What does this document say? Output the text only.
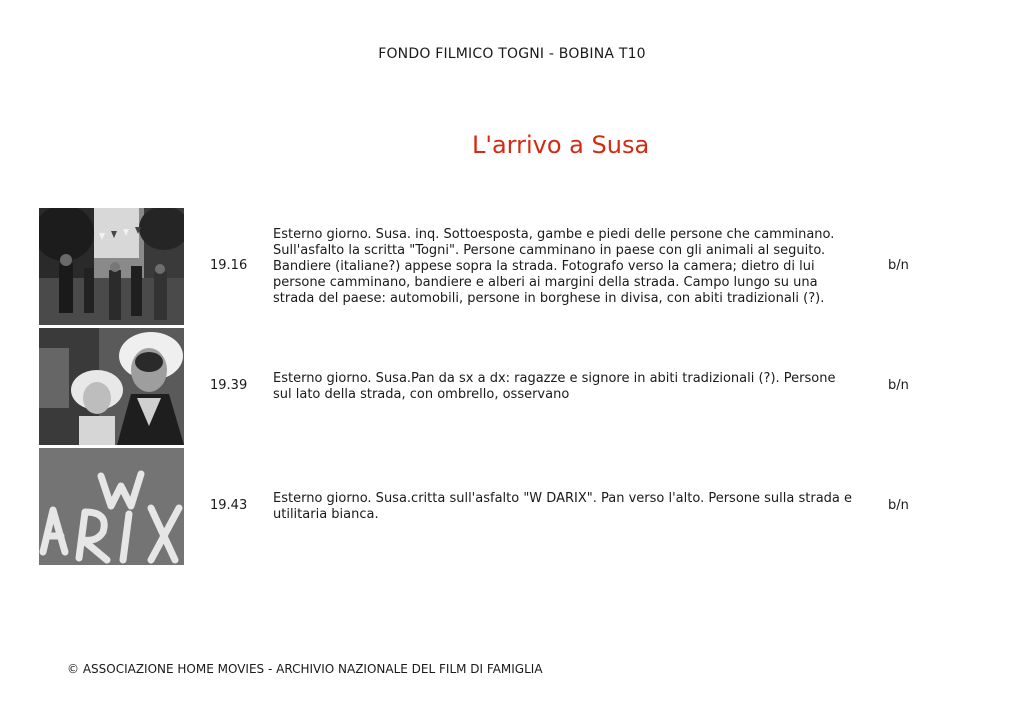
FONDO FILMICO TOGNI - BOBINA T10
L'arrivo a Susa
19.16
Esterno giorno. Susa. inq. Sottoesposta, gambe e piedi delle persone che camminano. Sull'asfalto la scritta "Togni". Persone camminano in paese con gli animali al seguito. Bandiere (italiane?) appese sopra la strada. Fotografo verso la camera; dietro di lui persone camminano, bandiere e alberi ai margini della strada. Campo lungo su una strada del paese: automobili, persone in borghese in divisa, con abiti tradizionali (?).
b/n
19.39 Esterno giorno. Susa.Pan da sx a dx: ragazze e signore in abiti tradizionali (?). Persone sul lato della strada, con ombrello, osservano
b/n
19.43 Esterno giorno. Susa.critta sull'asfalto "W DARIX". Pan verso l'alto. Persone sulla strada e utilitaria bianca.
b/n
© ASSOCIAZIONE HOME MOVIES - ARCHIVIO NAZIONALE DEL FILM DI FAMIGLIA
